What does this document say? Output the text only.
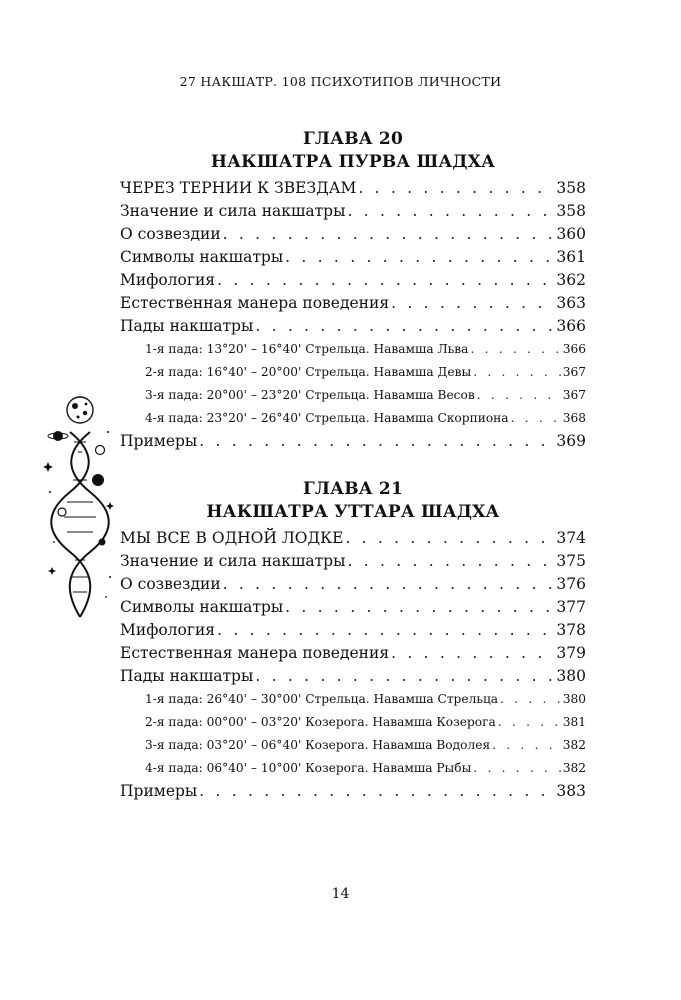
27 НАКШАТР. 108 ПСИХОТИПОВ ЛИЧНОСТИ
ГЛАВА 20
НАКШАТРА ПУРВА ШАДХА
ЧЕРЕЗ ТЕРНИИ К ЗВЕЗДАМ . . .	358
Значение и сила накшатры . . .	358
О созвездии . . .	360
Символы накшатры . . .	361
Мифология . . .	362
Естественная манера поведения . . .	363
Пады накшатры . . .	366
1-я пада: 13°20' – 16°40' Стрельца. Навамша Льва . . .	366
2-я пада: 16°40' – 20°00' Стрельца. Навамша Девы . . .	367
3-я пада: 20°00' – 23°20' Стрельца. Навамша Весов . . .	367
4-я пада: 23°20' – 26°40' Стрельца. Навамша Скорпиона . . .	368
Примеры . . .	369
ГЛАВА 21
НАКШАТРА УТТАРА ШАДХА
МЫ ВСЕ В ОДНОЙ ЛОДКЕ . . .	374
Значение и сила накшатры . . .	375
О созвездии . . .	376
Символы накшатры . . .	377
Мифология . . .	378
Естественная манера поведения . . .	379
Пады накшатры . . .	380
1-я пада: 26°40' – 30°00' Стрельца. Навамша Стрельца . . .	380
2-я пада: 00°00' – 03°20' Козерога. Навамша Козерога . . .	381
3-я пада: 03°20' – 06°40' Козерога. Навамша Водолея . . .	382
4-я пада: 06°40' – 10°00' Козерога. Навамша Рыбы . . .	382
Примеры . . .	383
14
